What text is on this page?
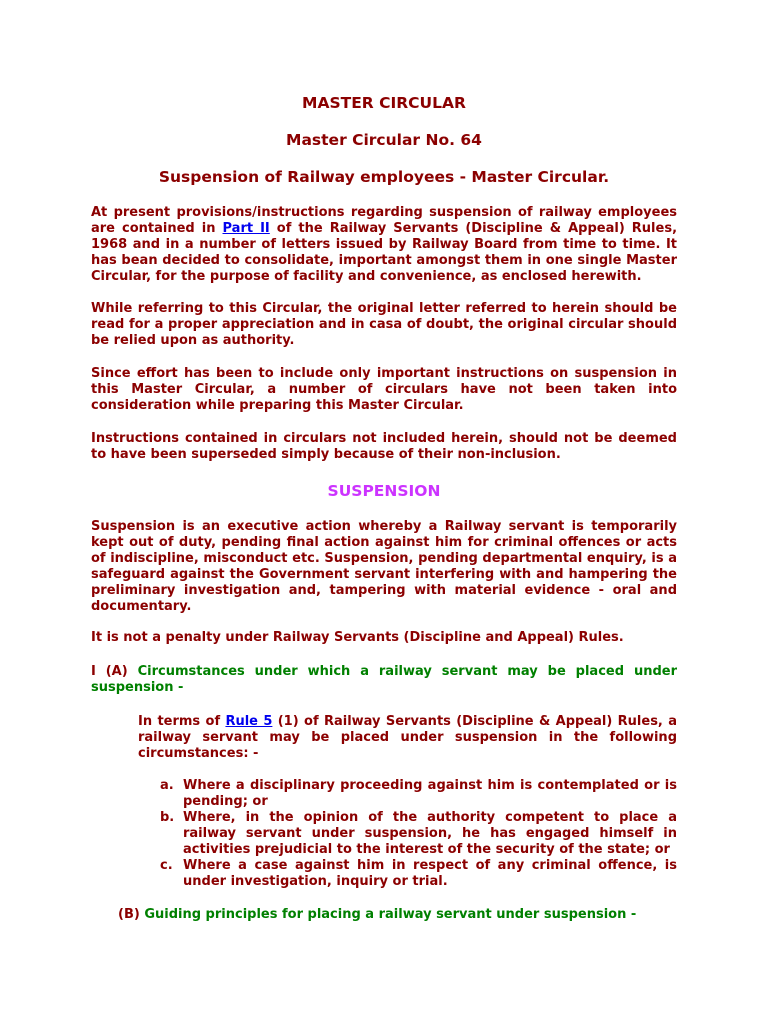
MASTER CIRCULAR

Master Circular No. 64

Suspension of Railway employees - Master Circular.

At present provisions/instructions regarding suspension of railway employees are contained in Part II of the Railway Servants (Discipline & Appeal) Rules, 1968 and in a number of letters issued by Railway Board from time to time. It has bean decided to consolidate, important amongst them in one single Master Circular, for the purpose of facility and convenience, as enclosed herewith.

While referring to this Circular, the original letter referred to herein should be read for a proper appreciation and in casa of doubt, the original circular should be relied upon as authority.

Since effort has been to include only important instructions on suspension in this Master Circular, a number of circulars have not been taken into consideration while preparing this Master Circular.

Instructions contained in circulars not included herein, should not be deemed to have been superseded simply because of their non-inclusion.

SUSPENSION

Suspension is an executive action whereby a Railway servant is temporarily kept out of duty, pending final action against him for criminal offences or acts of indiscipline, misconduct etc. Suspension, pending departmental enquiry, is a safeguard against the Government servant interfering with and hampering the preliminary investigation and, tampering with material evidence - oral and documentary.

It is not a penalty under Railway Servants (Discipline and Appeal) Rules.

I (A) Circumstances under which a railway servant may be placed under suspension -

In terms of Rule 5 (1) of Railway Servants (Discipline & Appeal) Rules, a railway servant may be placed under suspension in the following circumstances: -

a. Where a disciplinary proceeding against him is contemplated or is pending; or
b. Where, in the opinion of the authority competent to place a railway servant under suspension, he has engaged himself in activities prejudicial to the interest of the security of the state; or
c. Where a case against him in respect of any criminal offence, is under investigation, inquiry or trial.

(B) Guiding principles for placing a railway servant under suspension -
